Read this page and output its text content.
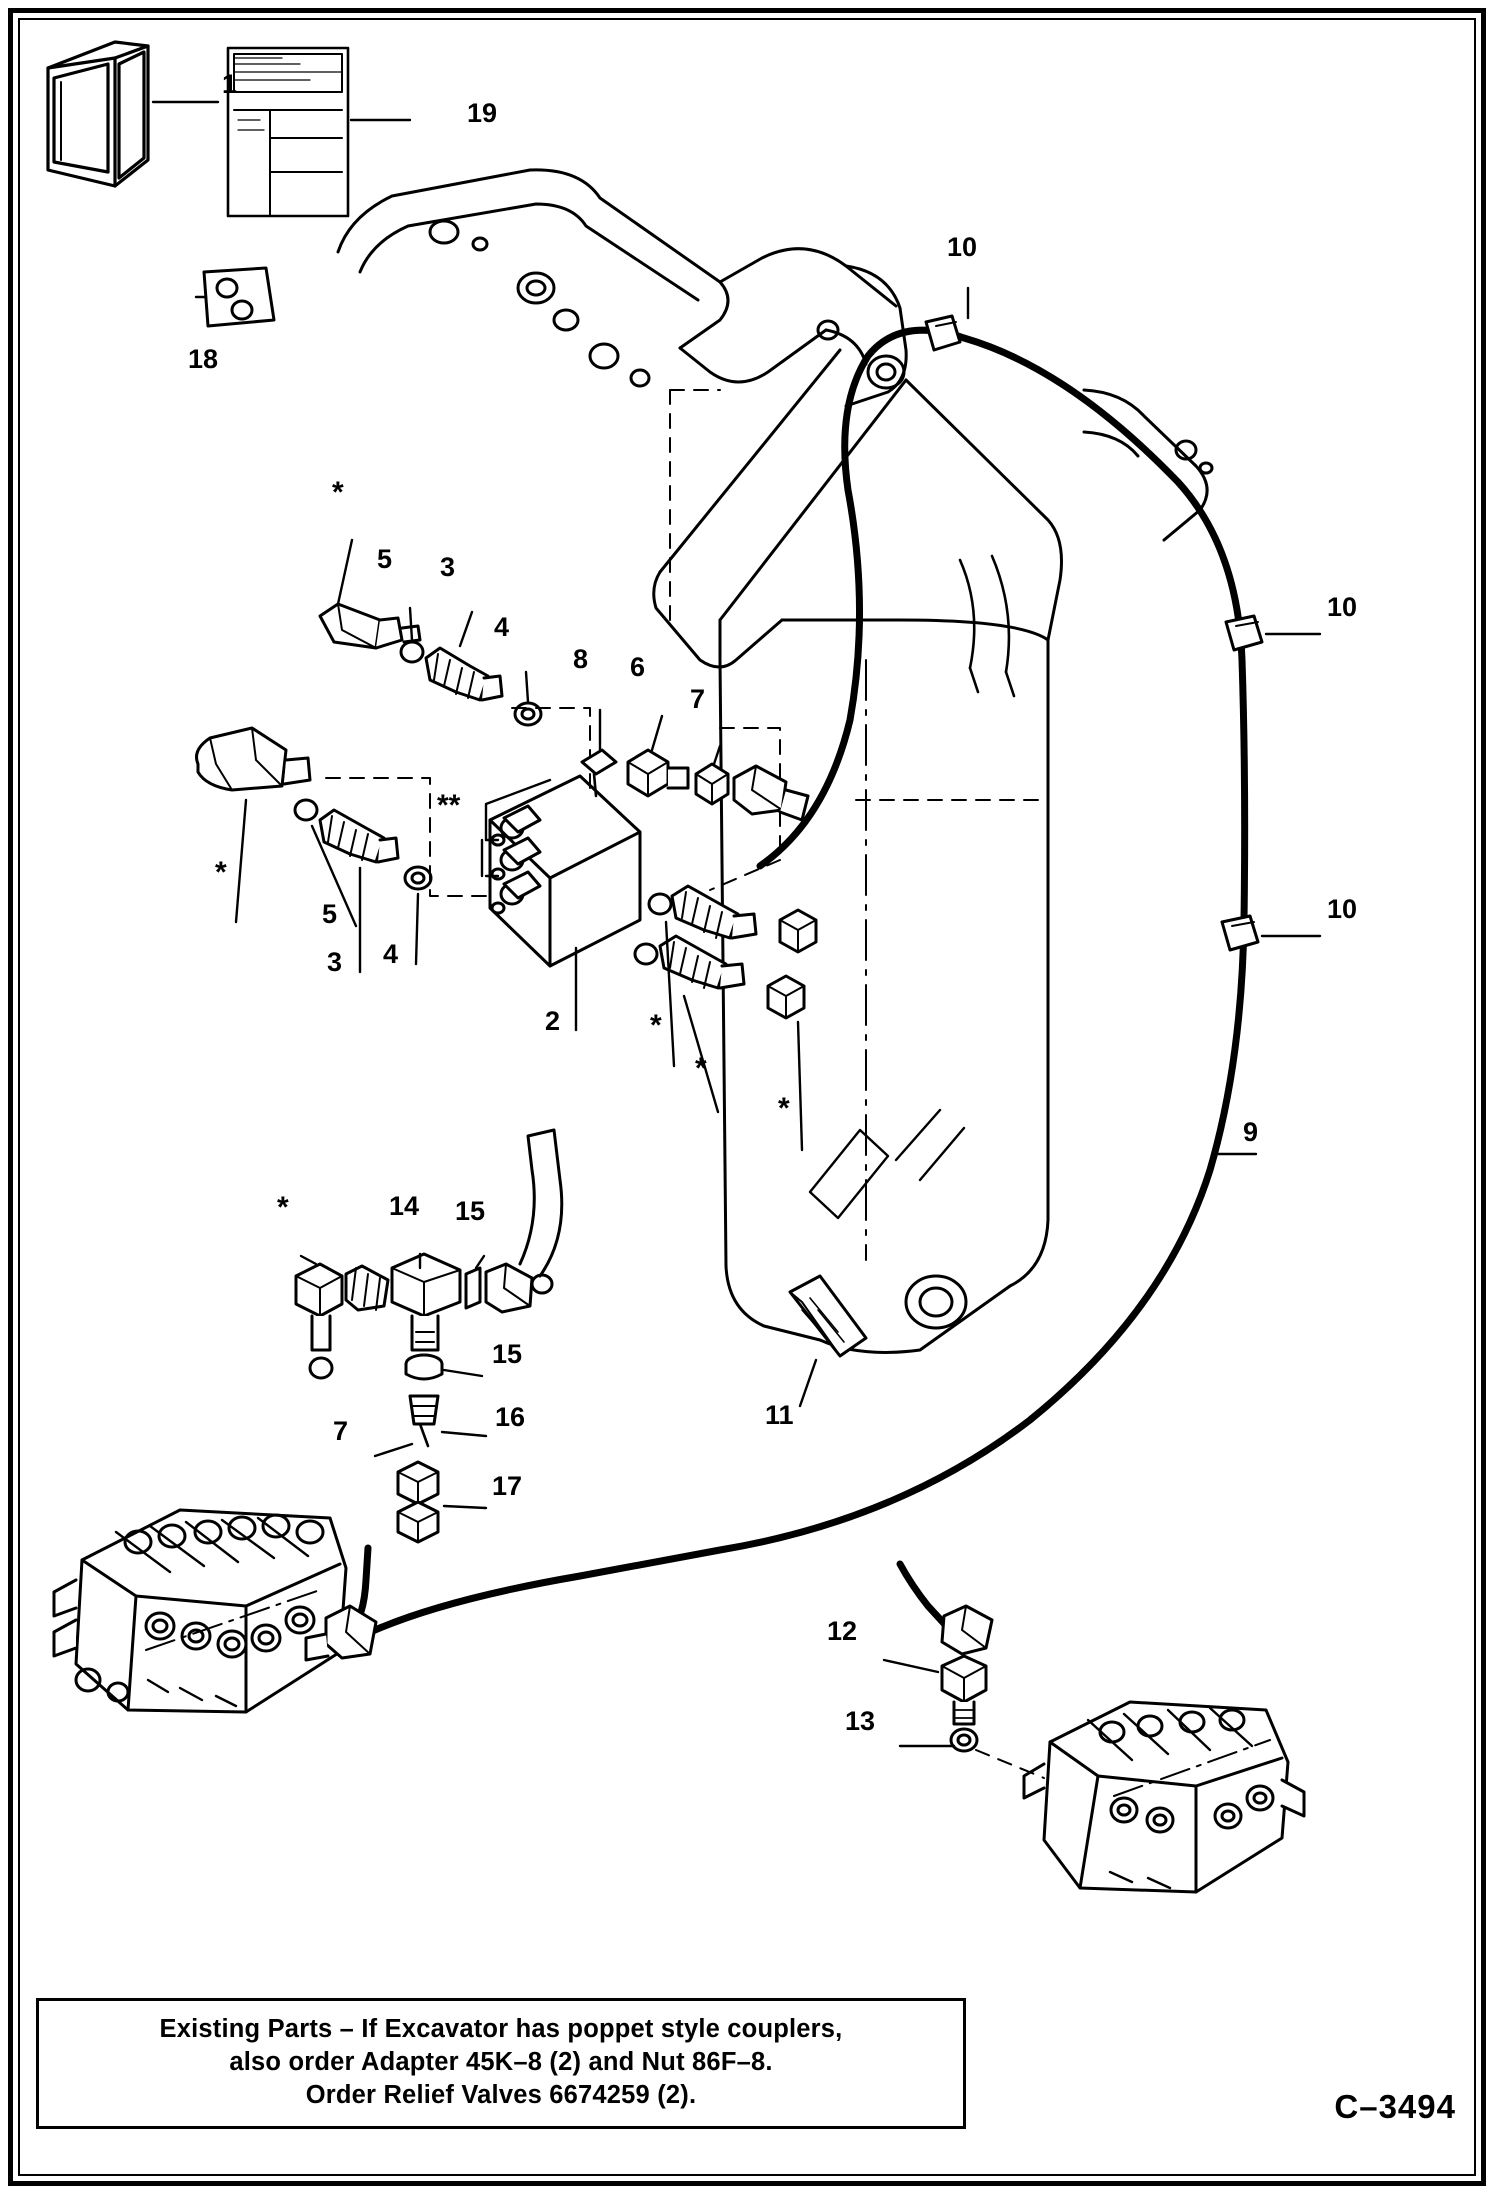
1
19
18
10
10
10
5 3
4
8 6
7
5
3 4
2
9
14 15
15
16
7
17
11
12
13
*
*
**
*
*
*
*
Existing Parts – If Excavator has poppet style couplers,
also order Adapter 45K–8 (2) and Nut 86F–8.
Order Relief Valves 6674259 (2).	C–3494
